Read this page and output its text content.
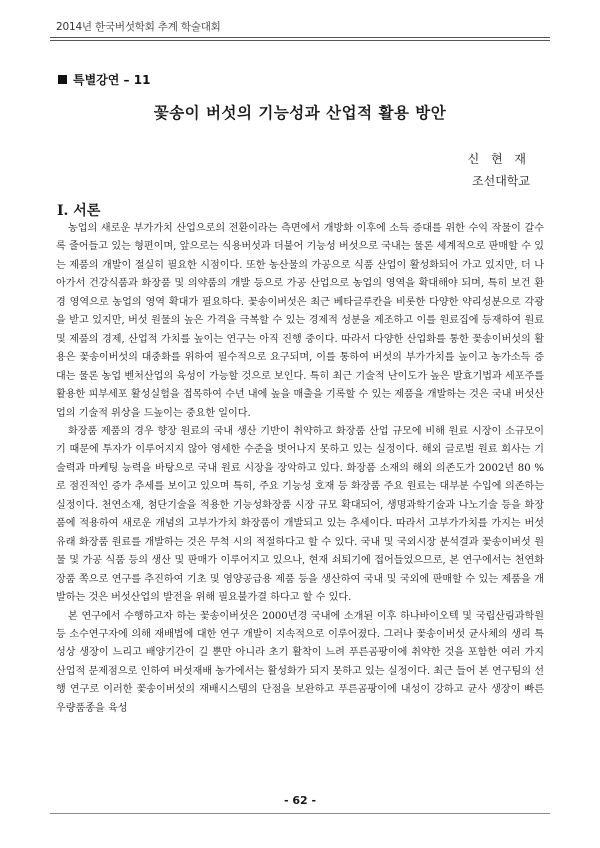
2014년 한국버섯학회 추계 학술대회
특별강연 – 11
꽃송이 버섯의 기능성과 산업적 활용 방안
신 현 재
조선대학교
I. 서론

농업의 새로운 부가가치 산업으로의 전환이라는 측면에서 개방화 이후에 소득 증대를 위한 수익 작물이 갈수록 줄어들고 있는 형편이며, 앞으로는 식용버섯과 더불어 기능성 버섯으로 국내는 물론 세계적으로 판매할 수 있는 제품의 개발이 절실히 필요한 시점이다. 또한 농산물의 가공으로 식품 산업이 활성화되어 가고 있지만, 더 나아가서 건강식품과 화장품 및 의약품의 개발 등으로 가공 산업으로 농업의 영역을 확대해야 되며, 특히 보건 환경 영역으로 농업의 영역 확대가 필요하다. 꽃송이버섯은 최근 베타글루칸을 비롯한 다양한 약리성분으로 각광을 받고 있지만, 버섯 원물의 높은 가격을 극복할 수 있는 경제적 성분을 제조하고 이를 원료집에 등재하여 원료 및 제품의 경제, 산업적 가치를 높이는 연구는 아직 진행 중이다. 따라서 다양한 산업화를 통한 꽃송이버섯의 활용은 꽃송이버섯의 대중화를 위하여 필수적으로 요구되며, 이를 통하여 버섯의 부가가치를 높이고 농가소득 증대는 물론 농업 벤처산업의 육성이 가능할 것으로 보인다. 특히 최근 기술적 난이도가 높은 발효기법과 세포주를 활용한 피부세포 활성실험을 접목하여 수년 내에 높을 매출을 기록할 수 있는 제품을 개발하는 것은 국내 버섯산업의 기술적 위상을 드높이는 중요한 일이다.

화장품 제품의 경우 향장 원료의 국내 생산 기반이 취약하고 화장품 산업 규모에 비해 원료 시장이 소규모이기 때문에 투자가 이루어지지 않아 영세한 수준을 벗어나지 못하고 있는 실정이다. 해외 글로벌 원료 회사는 기술력과 마케팅 능력을 바탕으로 국내 원료 시장을 장악하고 있다. 화장품 소재의 해외 의존도가 2002년 80 %로 점진적인 증가 추세를 보이고 있으며 특히, 주요 기능성 호재 등 화장품 주요 원료는 대부분 수입에 의존하는 실정이다. 천연소재, 첨단기술을 적용한 기능성화장품 시장 규모 확대되어, 생명과학기술과 나노기술 등을 화장품에 적용하여 새로운 개념의 고부가가치 화장품이 개발되고 있는 추세이다. 따라서 고부가가치를 가지는 버섯유래 화장품 원료를 개발하는 것은 무척 시의 적절하다고 할 수 있다. 국내 및 국외시장 분석결과 꽃송이버섯 원물 및 가공 식품 등의 생산 및 판매가 이루어지고 있으나, 현재 쇠퇴기에 접어들었으므로, 본 연구에서는 천연화장품 쪽으로 연구를 추진하여 기초 및 영양공급용 제품 등을 생산하여 국내 및 국외에 판매할 수 있는 제품을 개발하는 것은 버섯산업의 발전을 위해 필요불가결 하다고 할 수 있다.

본 연구에서 수행하고자 하는 꽃송이버섯은 2000년경 국내에 소개된 이후 하나바이오텍 및 국립산림과학원 등 소수연구자에 의해 재배법에 대한 연구 개발이 지속적으로 이루어졌다. 그러나 꽃송이버섯 균사체의 생리 특성상 생장이 느리고 배양기간이 길 뿐만 아니라 초기 활착이 느려 푸른곰팡이에 취약한 것을 포함한 여러 가지 산업적 문제점으로 인하여 버섯재배 농가에서는 활성화가 되지 못하고 있는 실정이다. 최근 들어 본 연구팀의 선행 연구로 이러한 꽃송이버섯의 재배시스템의 단점을 보완하고 푸른곰팡이에 내성이 강하고 균사 생장이 빠른 우량품종을 육성

- 62 -
